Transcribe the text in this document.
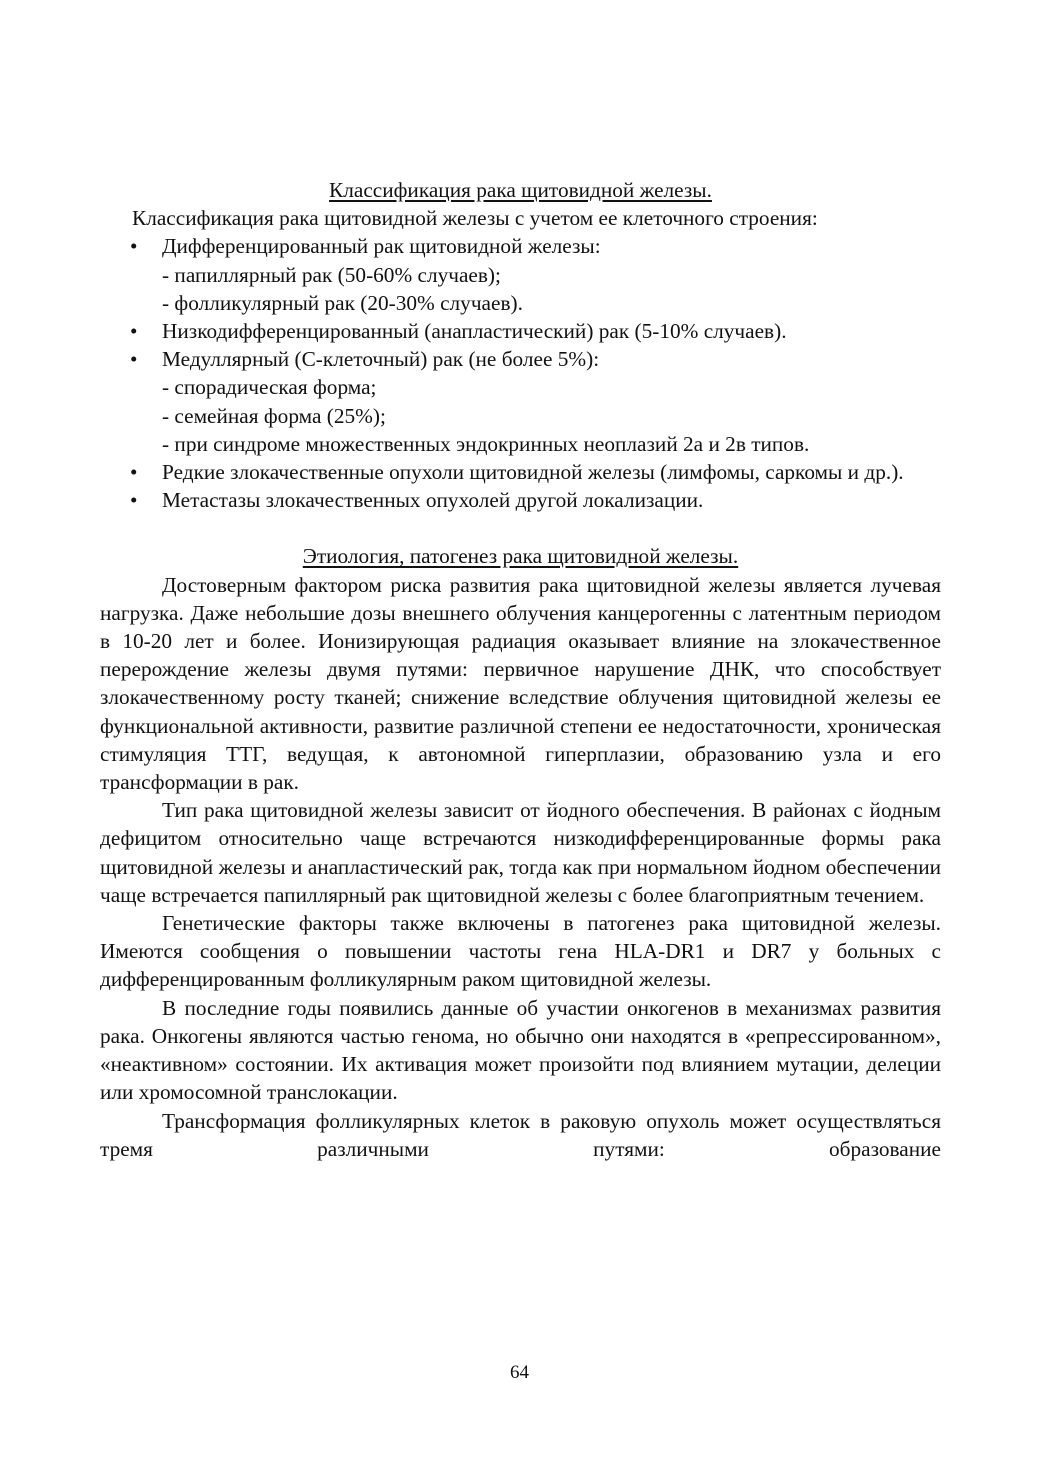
Классификация рака щитовидной железы.

Классификация рака щитовидной железы с учетом ее клеточного строения:

• Дифференцированный рак щитовидной железы:
- папиллярный рак (50-60% случаев);
- фолликулярный рак (20-30% случаев).
• Низкодифференцированный (анапластический) рак (5-10% случаев).
• Медуллярный (С-клеточный) рак (не более 5%):
- спорадическая форма;
- семейная форма (25%);
- при синдроме множественных эндокринных неоплазий 2а и 2в типов.
• Редкие злокачественные опухоли щитовидной железы (лимфомы, саркомы и др.).
• Метастазы злокачественных опухолей другой локализации.

Этиология, патогенез рака щитовидной железы.

Достоверным фактором риска развития рака щитовидной железы является лучевая нагрузка. Даже небольшие дозы внешнего облучения канцерогенны с латентным периодом в 10-20 лет и более. Ионизирующая радиация оказывает влияние на злокачественное перерождение железы двумя путями: первичное нарушение ДНК, что способствует злокачественному росту тканей; снижение вследствие облучения щитовидной железы ее функциональной активности, развитие различной степени ее недостаточности, хроническая стимуляция ТТГ, ведущая, к автономной гиперплазии, образованию узла и его трансформации в рак.

Тип рака щитовидной железы зависит от йодного обеспечения. В районах с йодным дефицитом относительно чаще встречаются низкодифференцированные формы рака щитовидной железы и анапластический рак, тогда как при нормальном йодном обеспечении чаще встречается папиллярный рак щитовидной железы с более благоприятным течением.

Генетические факторы также включены в патогенез рака щитовидной железы. Имеются сообщения о повышении частоты гена HLA-DR1 и DR7 у больных с дифференцированным фолликулярным раком щитовидной железы.

В последние годы появились данные об участии онкогенов в механизмах развития рака. Онкогены являются частью генома, но обычно они находятся в «репрессированном», «неактивном» состоянии. Их активация может произойти под влиянием мутации, делеции или хромосомной транслокации.

Трансформация фолликулярных клеток в раковую опухоль может осуществляться тремя различными путями: образование

64
